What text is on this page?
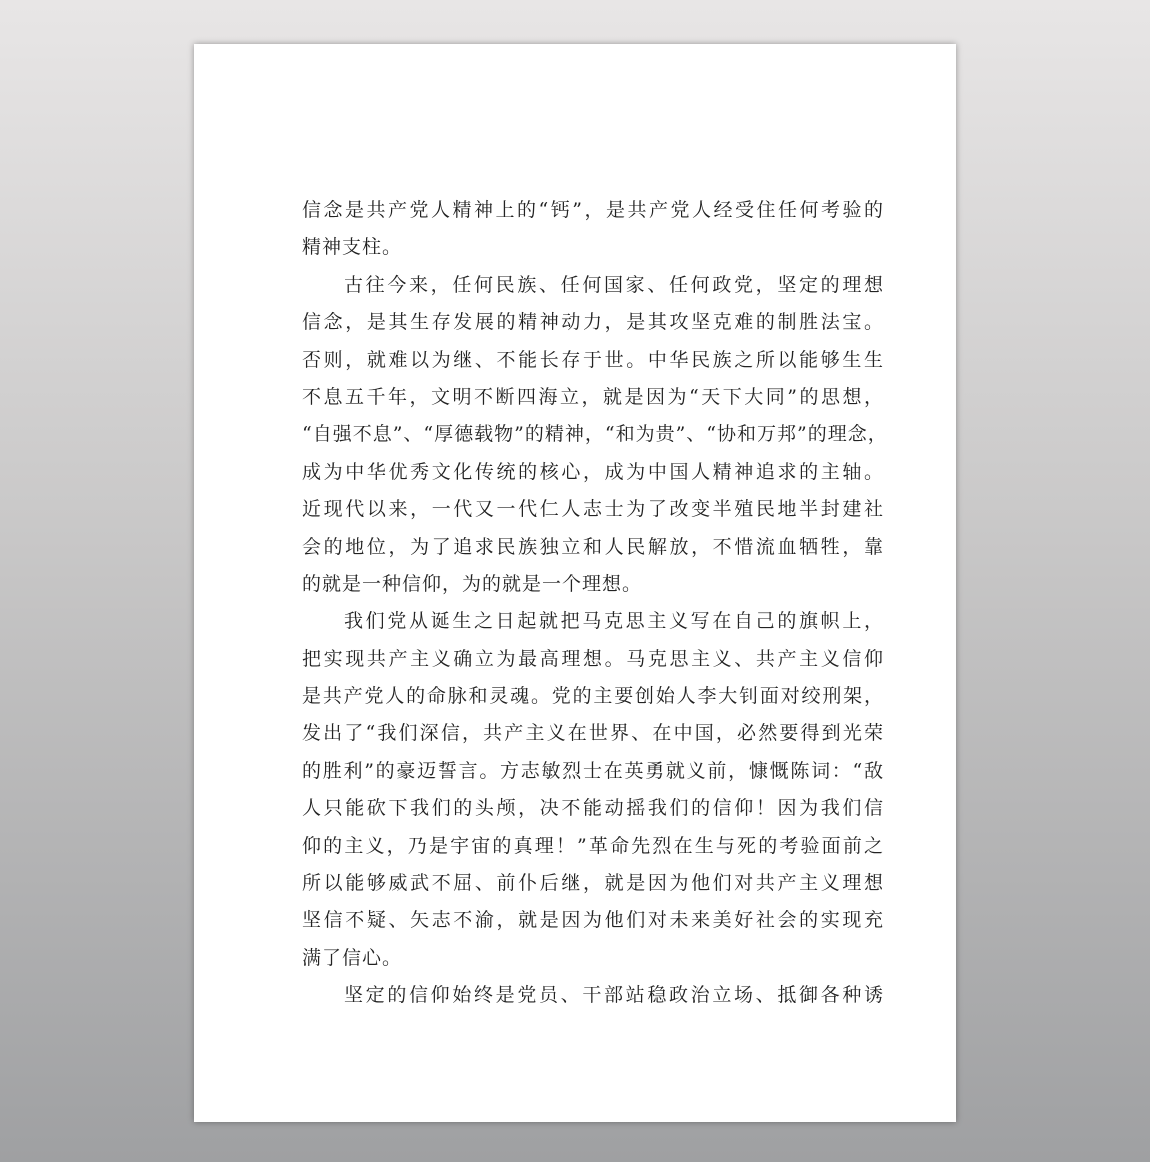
信念是共产党人精神上的“钙”，是共产党人经受住任何考验的
精神支柱。
古往今来，任何民族、任何国家、任何政党，坚定的理想
信念，是其生存发展的精神动力，是其攻坚克难的制胜法宝。
否则，就难以为继、不能长存于世。中华民族之所以能够生生
不息五千年，文明不断四海立，就是因为“天下大同”的思想，
“自强不息”、“厚德载物”的精神，“和为贵”、“协和万邦”的理念，
成为中华优秀文化传统的核心，成为中国人精神追求的主轴。
近现代以来，一代又一代仁人志士为了改变半殖民地半封建社
会的地位，为了追求民族独立和人民解放，不惜流血牺牲，靠
的就是一种信仰，为的就是一个理想。
我们党从诞生之日起就把马克思主义写在自己的旗帜上，
把实现共产主义确立为最高理想。马克思主义、共产主义信仰
是共产党人的命脉和灵魂。党的主要创始人李大钊面对绞刑架，
发出了“我们深信，共产主义在世界、在中国，必然要得到光荣
的胜利”的豪迈誓言。方志敏烈士在英勇就义前，慷慨陈词：“敌
人只能砍下我们的头颅，决不能动摇我们的信仰！因为我们信
仰的主义，乃是宇宙的真理！”革命先烈在生与死的考验面前之
所以能够威武不屈、前仆后继，就是因为他们对共产主义理想
坚信不疑、矢志不渝，就是因为他们对未来美好社会的实现充
满了信心。
坚定的信仰始终是党员、干部站稳政治立场、抵御各种诱
